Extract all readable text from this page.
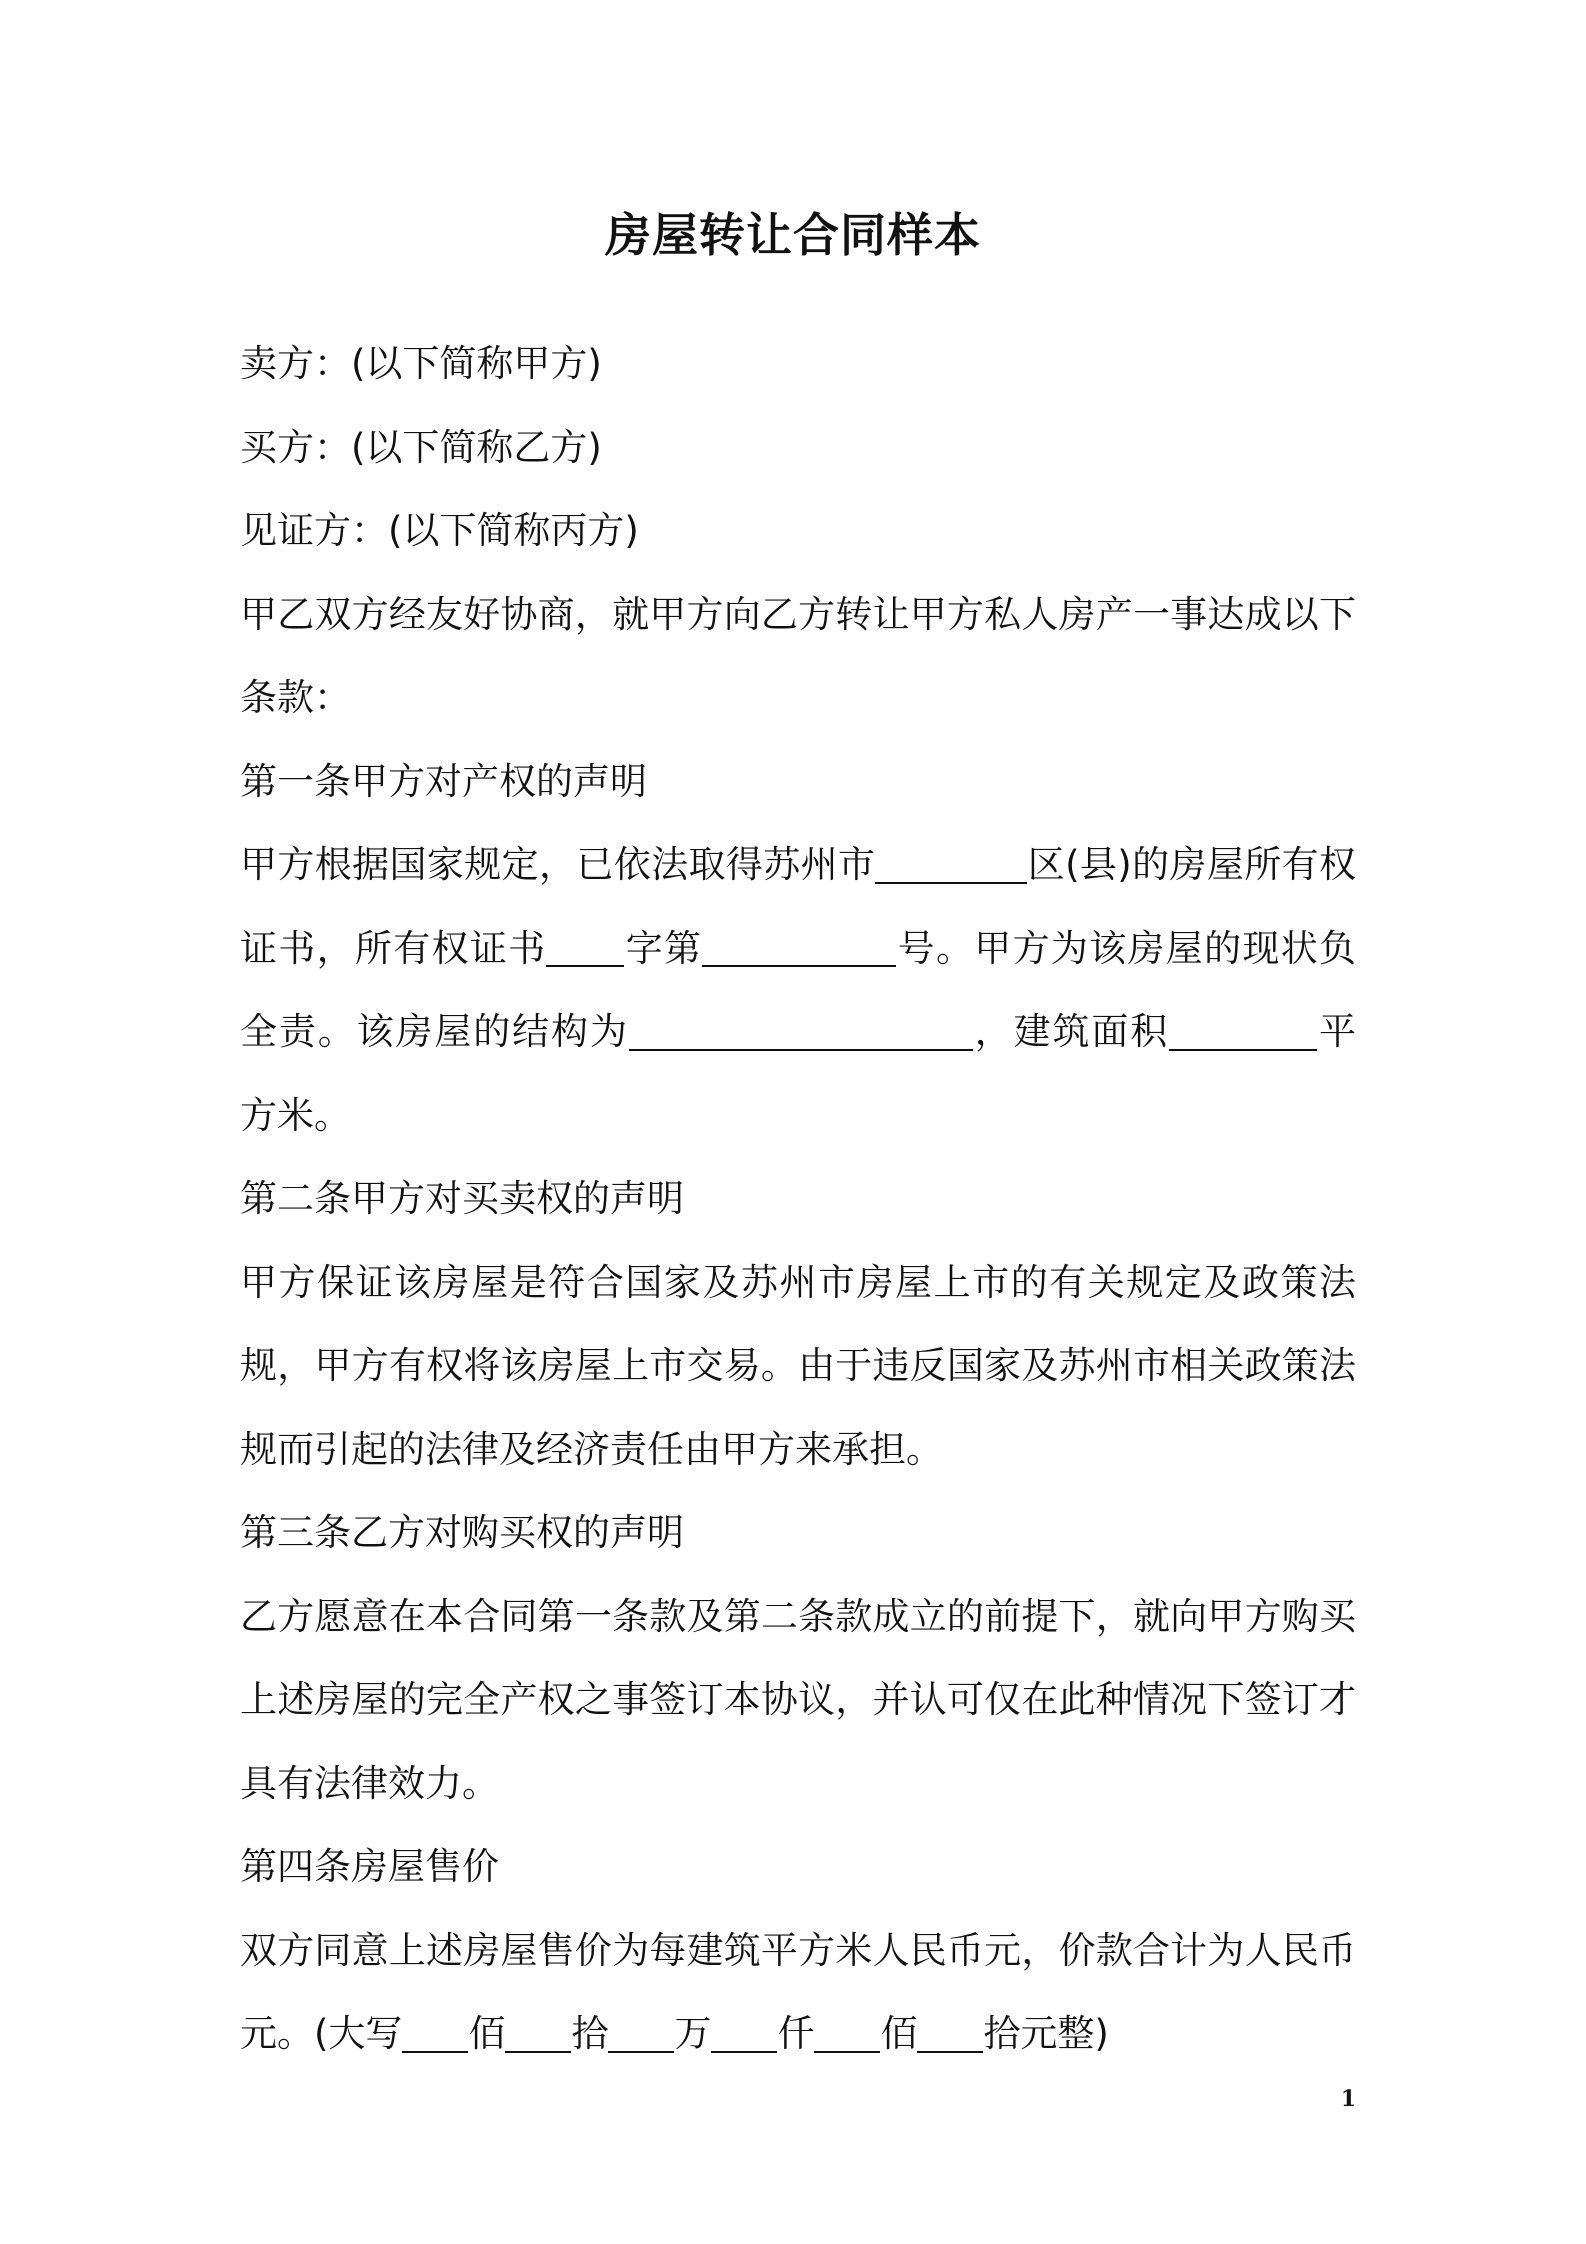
房屋转让合同样本

卖方：(以下简称甲方)

买方：(以下简称乙方)

见证方：(以下简称丙方)

甲乙双方经友好协商，就甲方向乙方转让甲方私人房产一事达成以下条款：

第一条甲方对产权的声明

甲方根据国家规定，已依法取得苏州市	区(县)的房屋所有权证书，所有权证书 字第	号。甲方为该房屋的现状负全责。该房屋的结构为	，建筑面积	平方米。

第二条甲方对买卖权的声明

甲方保证该房屋是符合国家及苏州市房屋上市的有关规定及政策法规，甲方有权将该房屋上市交易。由于违反国家及苏州市相关政策法规而引起的法律及经济责任由甲方来承担。

第三条乙方对购买权的声明

乙方愿意在本合同第一条款及第二条款成立的前提下，就向甲方购买上述房屋的完全产权之事签订本协议，并认可仅在此种情况下签订才具有法律效力。

第四条房屋售价

双方同意上述房屋售价为每建筑平方米人民币元，价款合计为人民币元。(大写 佰 拾 万 仟 佰 拾元整)

1
